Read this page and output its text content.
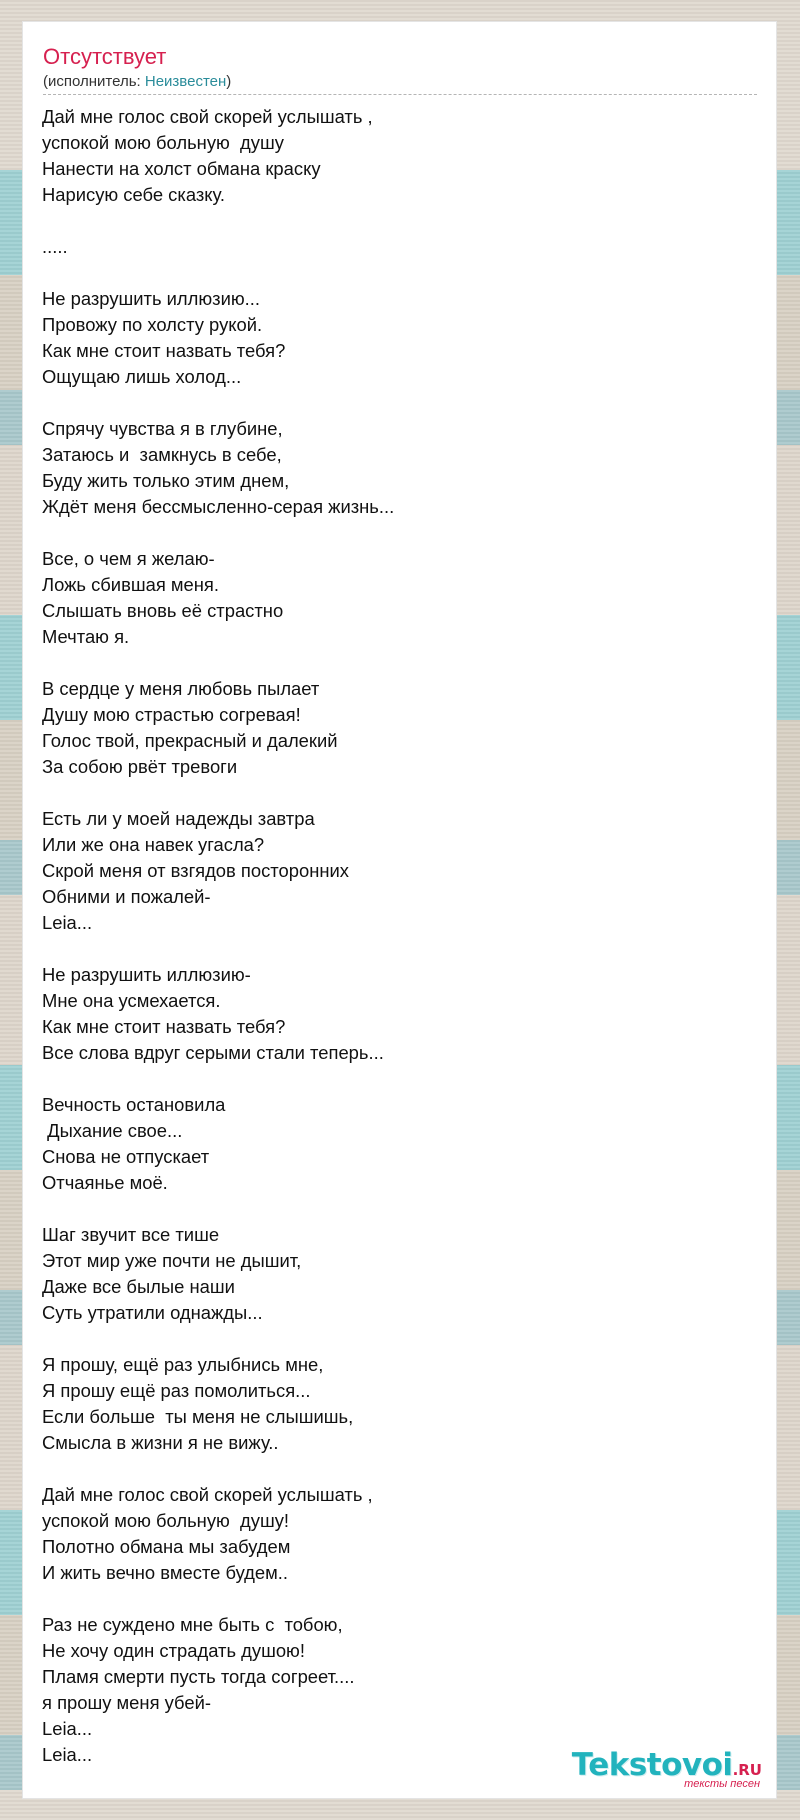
Отсутствует
(исполнитель: Неизвестен)
Дай мне голос свой скорей услышать ,
успокой мою больную  душу
Нанести на холст обмана краску
Нарисую себе сказку.

.....

Не разрушить иллюзию...
Провожу по холсту рукой.
Как мне стоит назвать тебя?
Ощущаю лишь холод...

Спрячу чувства я в глубине,
Затаюсь и  замкнусь в себе,
Буду жить только этим днем,
Ждёт меня бессмысленно-серая жизнь...

Все, о чем я желаю-
Ложь сбившая меня.
Слышать вновь её страстно
Мечтаю я.

В сердце у меня любовь пылает
Душу мою страстью согревая!
Голос твой, прекрасный и далекий
За собою рвёт тревоги

Есть ли у моей надежды завтра
Или же она навек угасла?
Скрой меня от взгядов посторонних
Обними и пожалей-
Leia...

Не разрушить иллюзию-
Мне она усмехается.
Как мне стоит назвать тебя?
Все слова вдруг серыми стали теперь...

Вечность остановила
Дыхание свое...
Снова не отпускает
Отчаянье моё.

Шаг звучит все тише
Этот мир уже почти не дышит,
Даже все былые наши
Суть утратили однажды...

Я прошу, ещё раз улыбнись мне,
Я прошу ещё раз помолиться...
Если больше  ты меня не слышишь,
Смысла в жизни я не вижу..

Дай мне голос свой скорей услышать ,
успокой мою больную  душу!
Полотно обмана мы забудем
И жить вечно вместе будем..

Раз не суждено мне быть с  тобою,
Не хочу один страдать душою!
Пламя смерти пусть тогда согреет....
я прошу меня убей-
Leia...
Leia...	Tekstovoi.RU
тексты песен
